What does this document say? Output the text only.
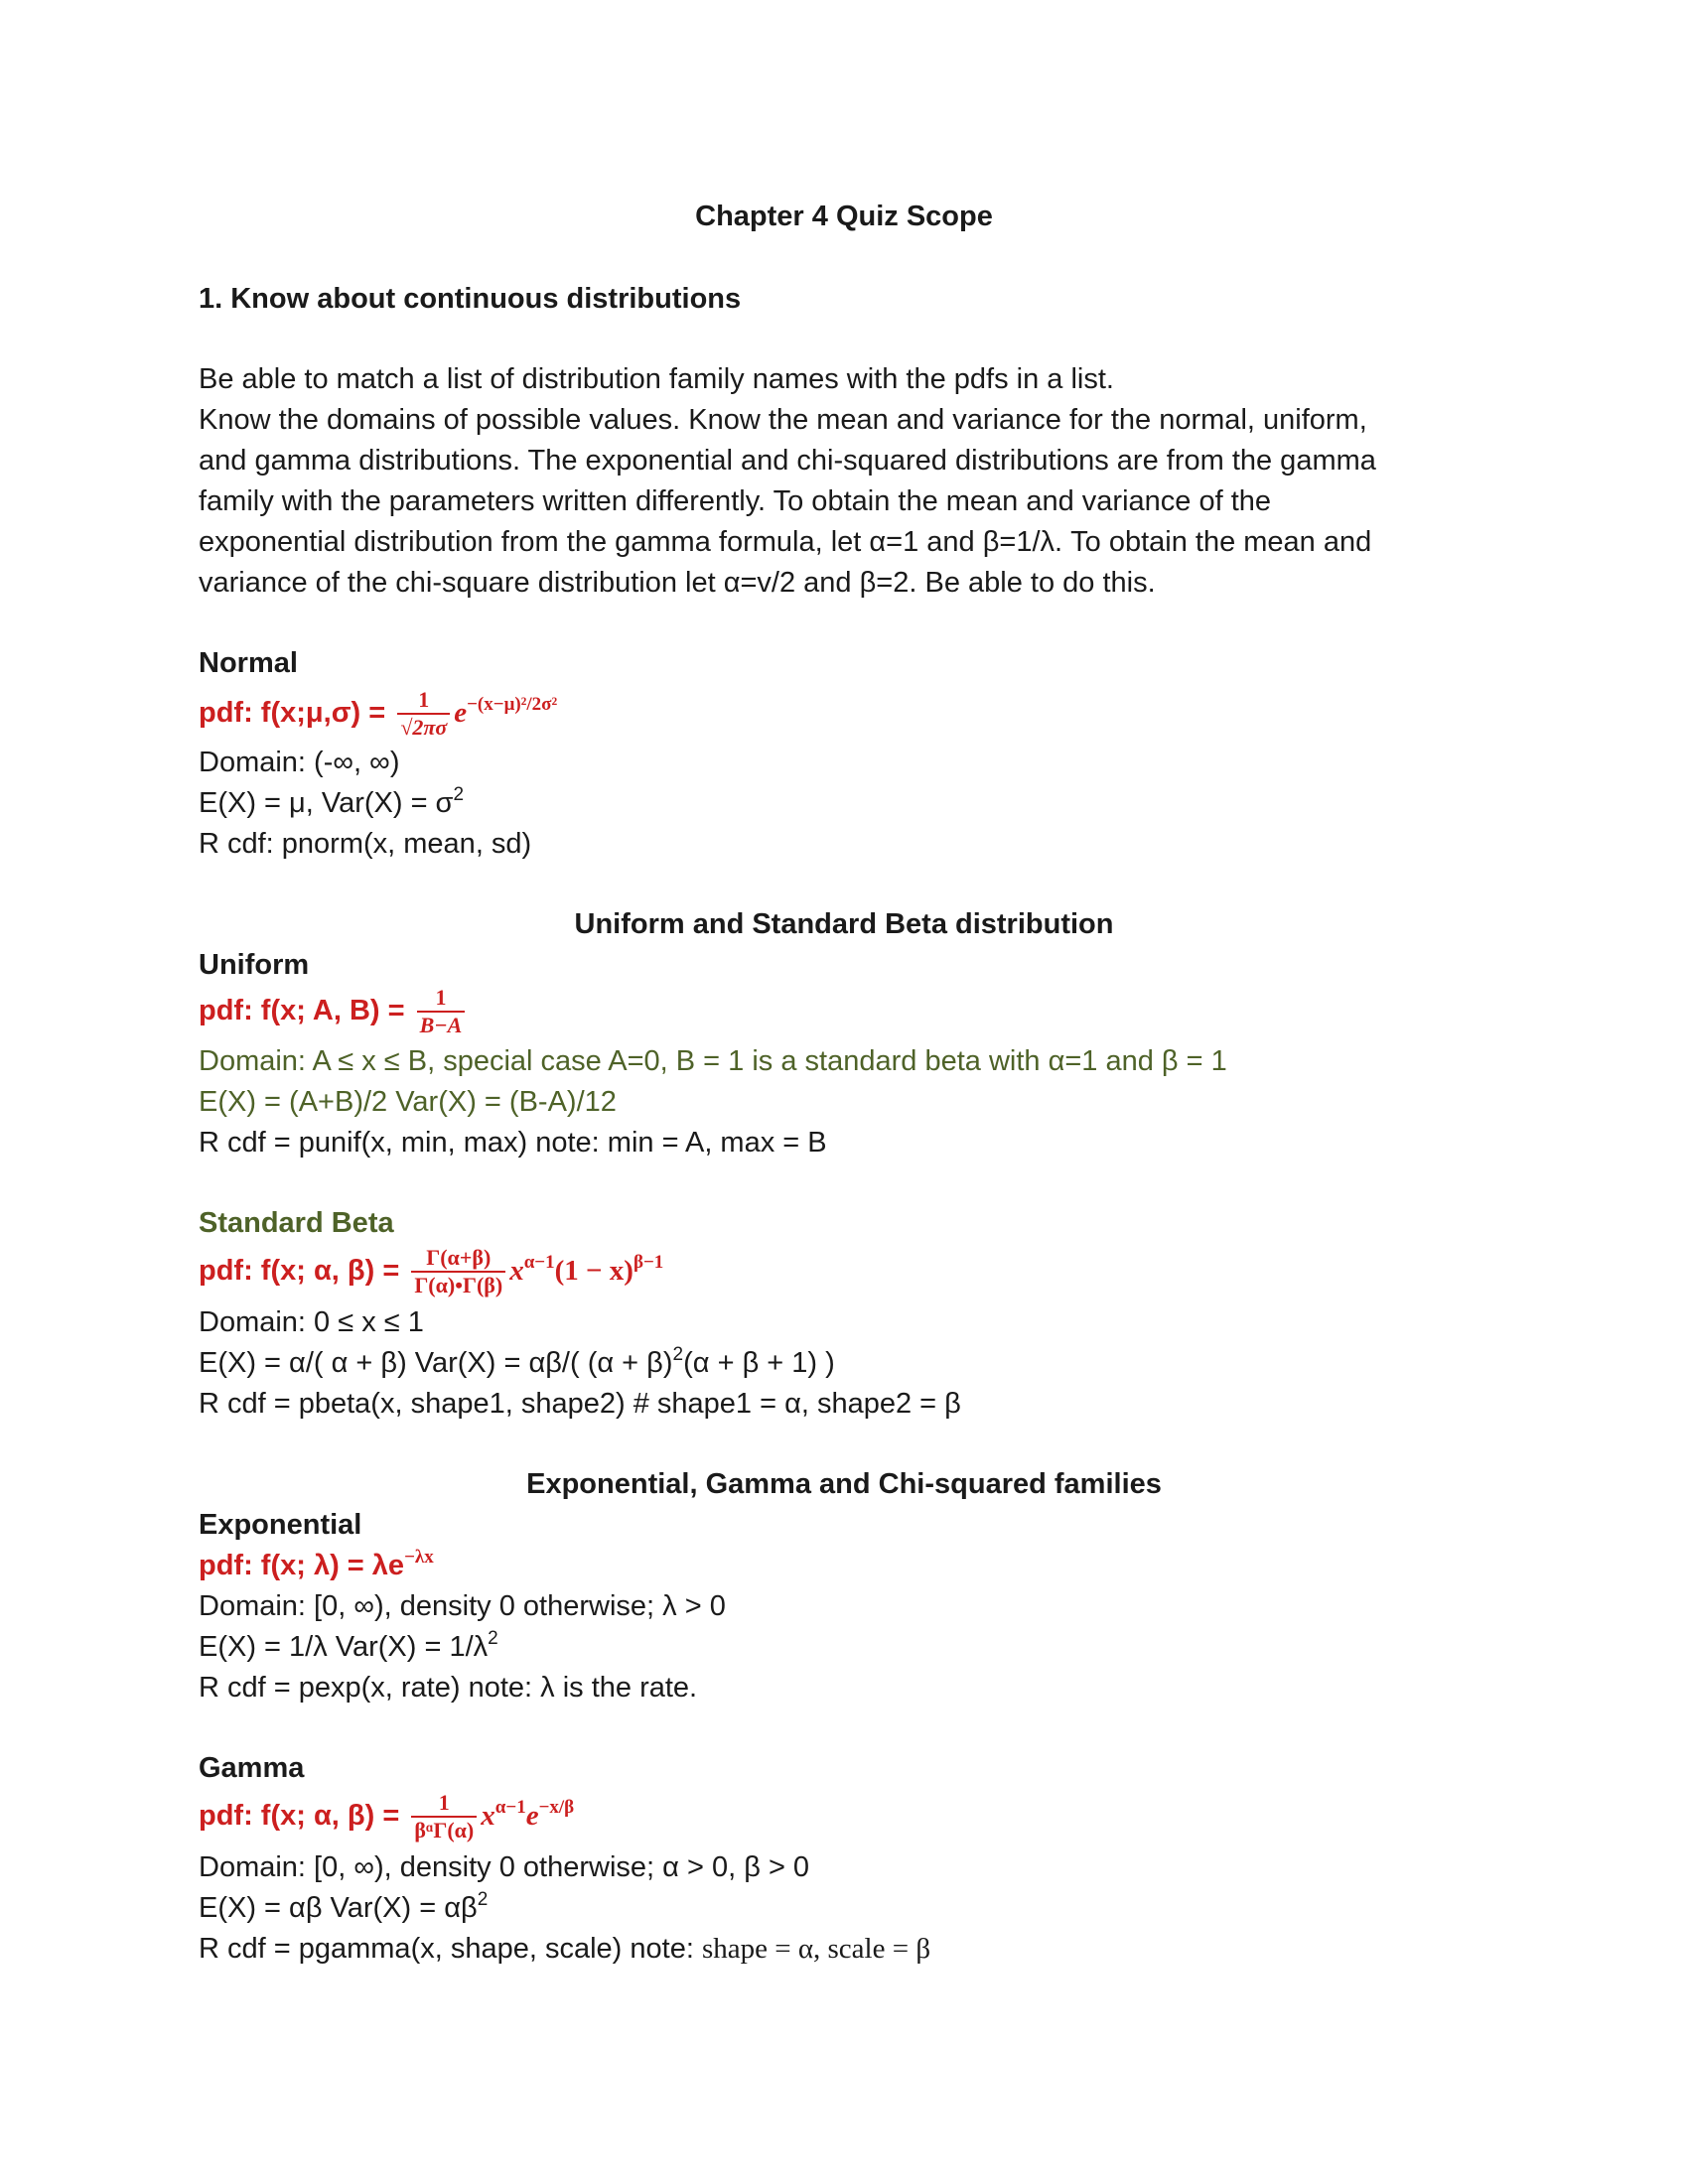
Chapter 4 Quiz Scope
1. Know about continuous distributions
Be able to match a list of distribution family names with the pdfs in a list.
Know the domains of possible values. Know the mean and variance for the normal, uniform,
and gamma distributions. The exponential and chi-squared distributions are from the gamma
family with the parameters written differently. To obtain the mean and variance of the
exponential distribution from the gamma formula, let α=1 and β=1/λ. To obtain the mean and
variance of the chi-square distribution let α=v/2 and β=2. Be able to do this.
Normal
pdf: f(x;μ,σ) = $\frac{1}{√2\pi\sigma} e^{-(x-\mu)^2/2\sigma^2}$
Domain: (-∞, ∞)
E(X) = μ, $Var(X) = \sigma^2$
R cdf: pnorm(x, mean, sd)
Uniform and Standard Beta distribution
Uniform
pdf: f(x; A, $B) = \frac{1}{B-A}$
Domain: A ≤ x ≤ B, special case A=0, B = 1 is a standard beta with α=1 and β = 1
E(X) = (A+B)/2 Var(X) = (B-A)/12
R cdf = punif(x, min, max) note: min = A, max = B
Standard Beta
pdf: f(x; α, $\beta) = \frac{\Gamma(\alpha+\beta)}{\Gamma(\alpha)•\Gamma(\beta)} x^{\alpha-1}(1 - x)^{\beta-1}$
Domain: 0 ≤ x ≤ 1
E(X) = α/( α + β) Var(X) = αβ/( $(\alpha + \beta)^2(\alpha + \beta + 1)$ )
R cdf = pbeta(x, shape1, shape2) # shape1 = α, shape2 = β
Exponential, Gamma and Chi-squared families
Exponential
pdf: f(x; $\lambda) = \lambda e^{-\lambda x}$
Domain: [0, ∞), density 0 otherwise; λ > 0
E(X) = 1/λ $Var(X) = 1/\lambda^2$
R cdf = pexp(x, rate) note: λ is the rate.
Gamma
pdf: f(x; α, $\beta) = \frac{1}{\text{βᵅΓ(α)}} x^{\alpha-1}e^{-x/\beta}$
Domain: [0, ∞), density 0 otherwise; α > 0, β > 0
E(X) = αβ $Var(X) = \alpha\beta^2$
R cdf = pgamma(x, shape, scale) note: shape = α, scale = β
